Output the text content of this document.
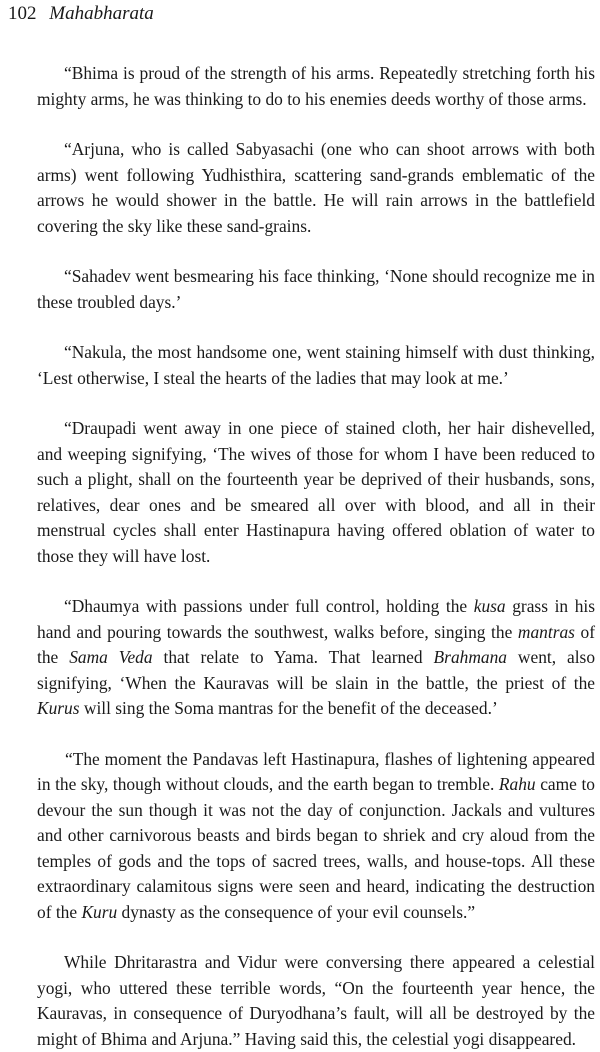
102 Mahabharata

“Bhima is proud of the strength of his arms. Repeatedly stretching forth his mighty arms, he was thinking to do to his enemies deeds worthy of those arms.

“Arjuna, who is called Sabyasachi (one who can shoot arrows with both arms) went following Yudhisthira, scattering sand-grands emblematic of the arrows he would shower in the battle. He will rain arrows in the battlefield covering the sky like these sand-grains.

“Sahadev went besmearing his face thinking, ‘None should recognize me in these troubled days.’

“Nakula, the most handsome one, went staining himself with dust thinking, ‘Lest otherwise, I steal the hearts of the ladies that may look at me.’

“Draupadi went away in one piece of stained cloth, her hair dishevelled, and weeping signifying, ‘The wives of those for whom I have been reduced to such a plight, shall on the fourteenth year be deprived of their husbands, sons, relatives, dear ones and be smeared all over with blood, and all in their menstrual cycles shall enter Hastinapura having offered oblation of water to those they will have lost.

“Dhaumya with passions under full control, holding the kusa grass in his hand and pouring towards the southwest, walks before, singing the mantras of the Sama Veda that relate to Yama. That learned Brahmana went, also signifying, ‘When the Kauravas will be slain in the battle, the priest of the Kurus will sing the Soma mantras for the benefit of the deceased.’

“The moment the Pandavas left Hastinapura, flashes of lightening appeared in the sky, though without clouds, and the earth began to tremble. Rahu came to devour the sun though it was not the day of conjunction. Jackals and vultures and other carnivorous beasts and birds began to shriek and cry aloud from the temples of gods and the tops of sacred trees, walls, and house-tops. All these extraordinary calamitous signs were seen and heard, indicating the destruction of the Kuru dynasty as the consequence of your evil counsels.”

While Dhritarastra and Vidur were conversing there appeared a celestial yogi, who uttered these terrible words, “On the fourteenth year hence, the Kauravas, in consequence of Duryodhana’s fault, will all be destroyed by the might of Bhima and Arjuna.” Having said this, the celestial yogi disappeared.
